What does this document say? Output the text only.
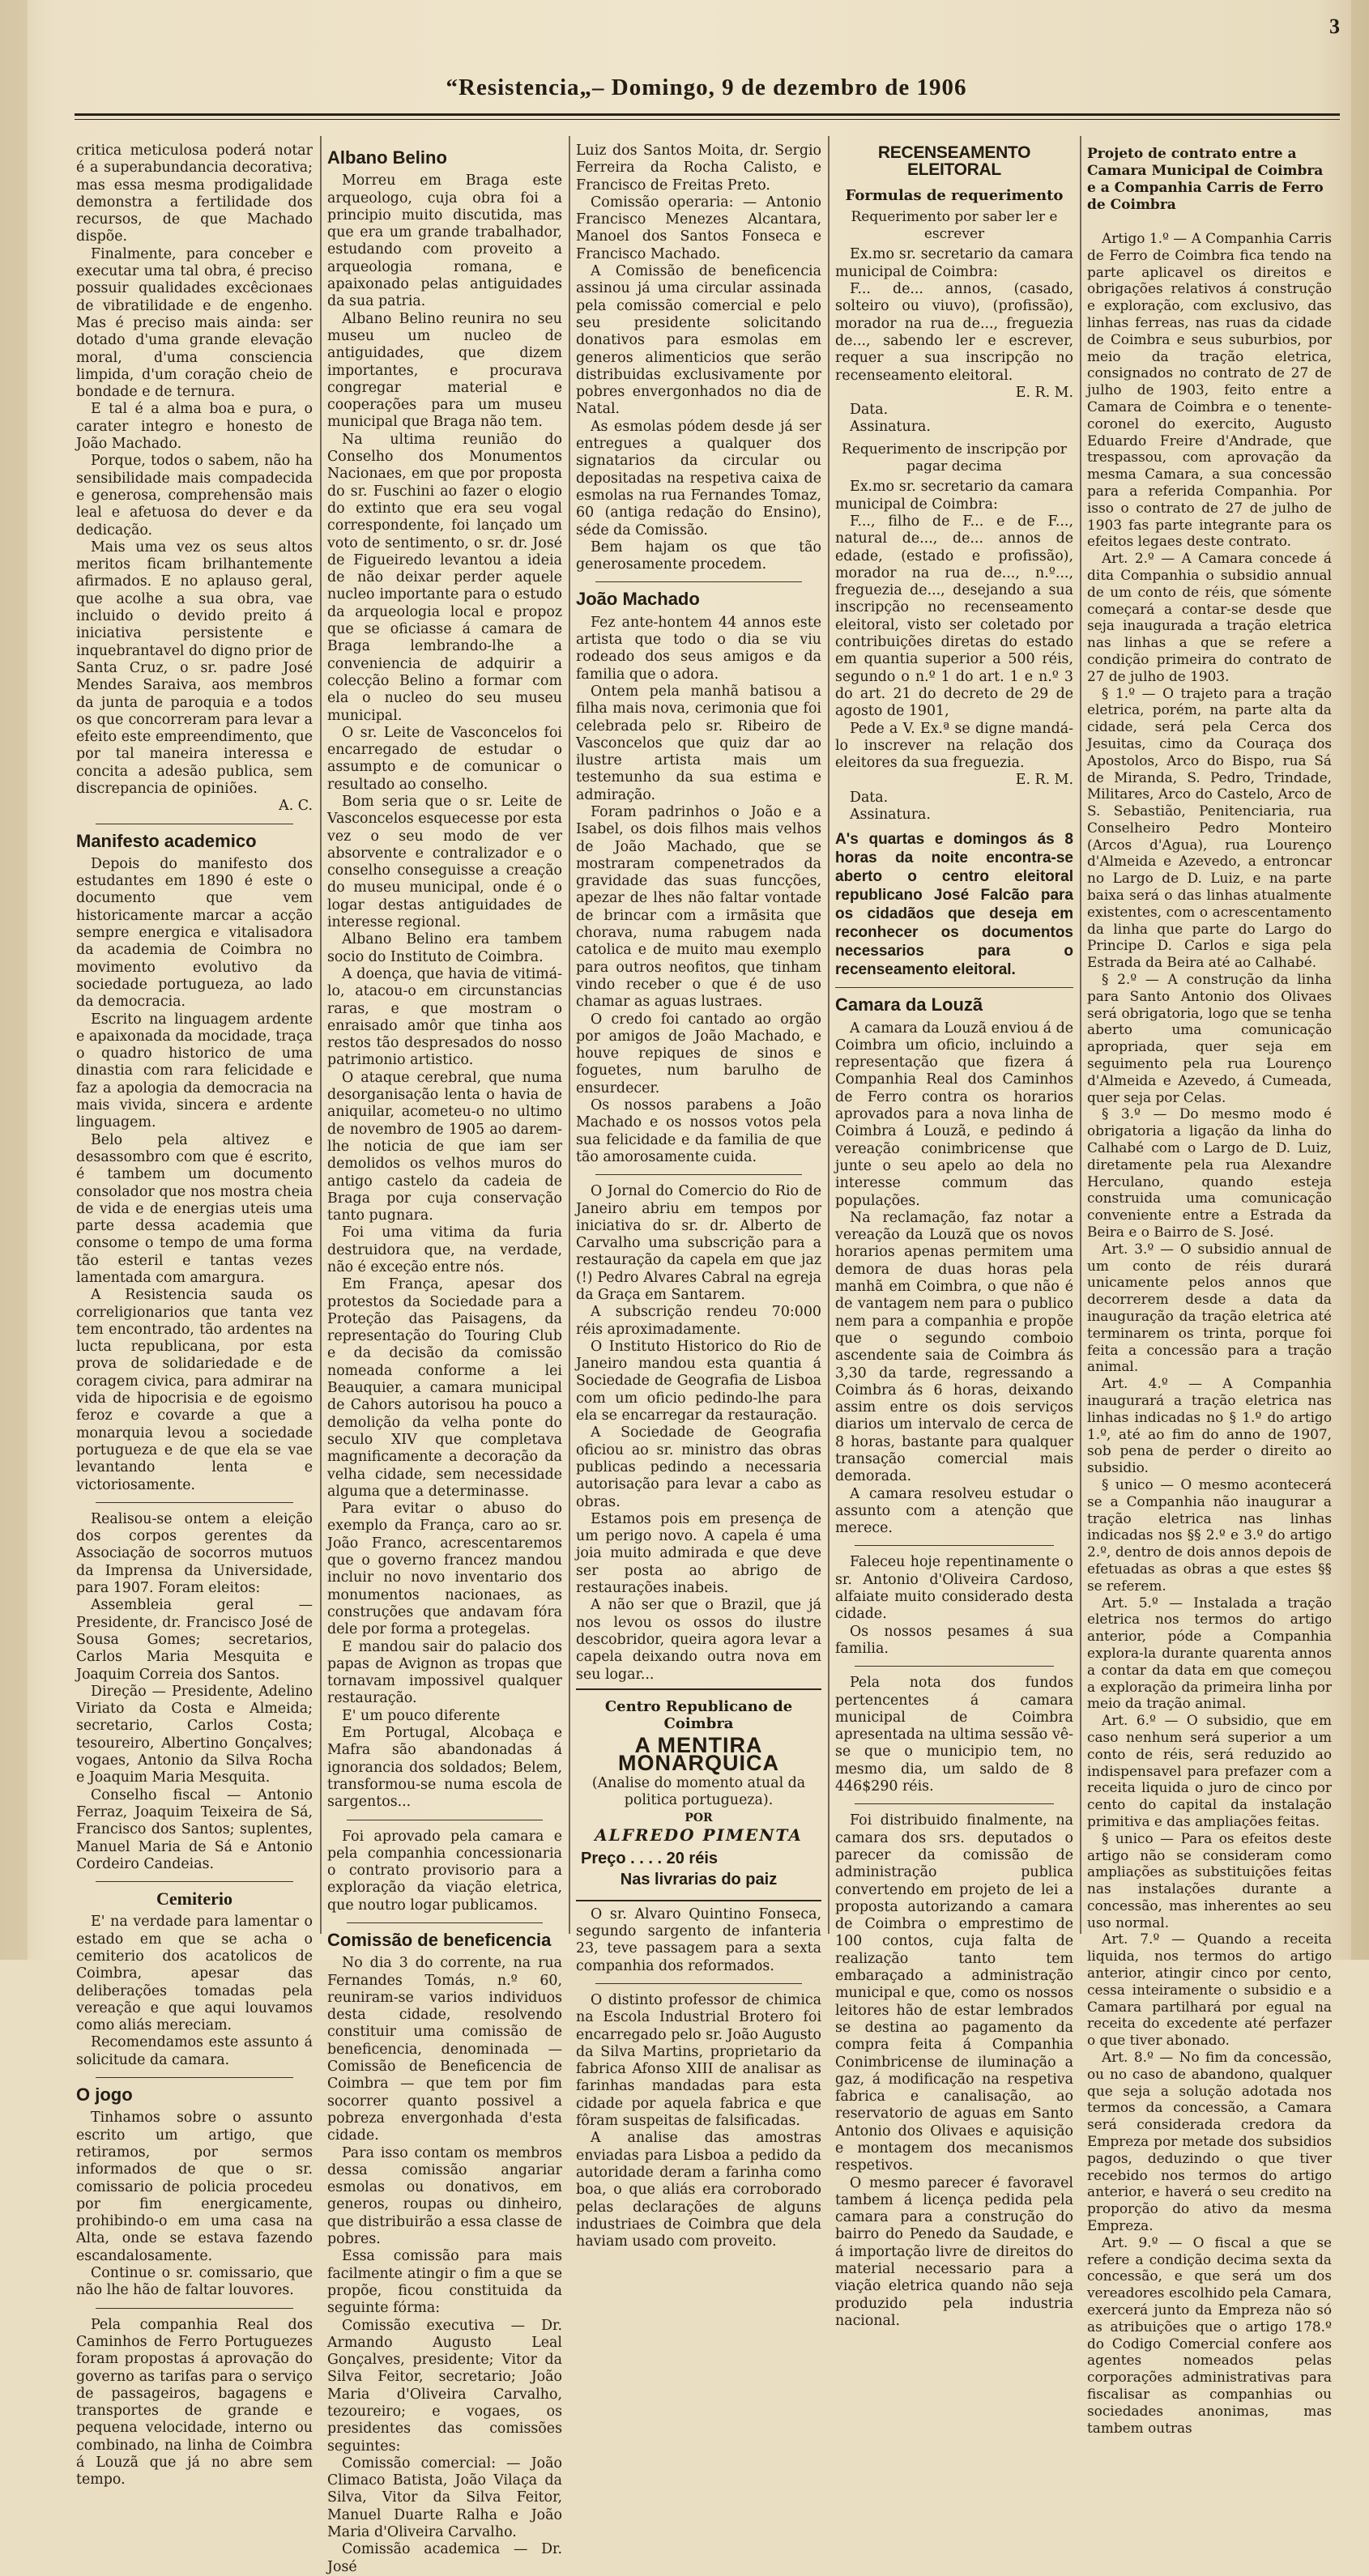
3
“Resistencia„– Domingo, 9 de dezembro de 1906

critica meticulosa poderá notar é a superabundancia decorativa; mas essa mesma prodigalidade demonstra a fertilidade dos recursos, de que Machado dispõe.

Finalmente, para conceber e executar uma tal obra, é preciso possuir qualidades excêcionaes de vibratilidade e de engenho. Mas é preciso mais ainda: ser dotado d'uma grande elevação moral, d'uma consciencia limpida, d'um coração cheio de bondade e de ternura.

E tal é a alma boa e pura, o carater integro e honesto de João Machado.

Porque, todos o sabem, não ha sensibilidade mais compadecida e generosa, comprehensão mais leal e afetuosa do dever e da dedicação.

Mais uma vez os seus altos meritos ficam brilhantemente afirmados. E no aplauso geral, que acolhe a sua obra, vae incluido o devido preito á iniciativa persistente e inquebrantavel do digno prior de Santa Cruz, o sr. padre José Mendes Saraiva, aos membros da junta de paroquia e a todos os que concorreram para levar a efeito este empreendimento, que por tal maneira interessa e concita a adesão publica, sem discrepancia de opiniões.

A. C.

Manifesto academico

Depois do manifesto dos estudantes em 1890 é este o documento que vem historicamente marcar a acção sempre energica e vitalisadora da academia de Coimbra no movimento evolutivo da sociedade portugueza, ao lado da democracia.

Escrito na linguagem ardente e apaixonada da mocidade, traça o quadro historico de uma dinastia com rara felicidade e faz a apologia da democracia na mais vivida, sincera e ardente linguagem.

Belo pela altivez e desassombro com que é escrito, é tambem um documento consolador que nos mostra cheia de vida e de energias uteis uma parte dessa academia que consome o tempo de uma forma tão esteril e tantas vezes lamentada com amargura.

A Resistencia sauda os correligionarios que tanta vez tem encontrado, tão ardentes na lucta republicana, por esta prova de solidariedade e de coragem civica, para admirar na vida de hipocrisia e de egoismo feroz e covarde a que a monarquia levou a sociedade portugueza e de que ela se vae levantando lenta e victoriosamente.

Realisou-se ontem a eleição dos corpos gerentes da Associação de socorros mutuos da Imprensa da Universidade, para 1907. Foram eleitos:

Assembleia geral — Presidente, dr. Francisco José de Sousa Gomes; secretarios, Carlos Maria Mesquita e Joaquim Correia dos Santos.

Direção — Presidente, Adelino Viriato da Costa e Almeida; secretario, Carlos Costa; tesoureiro, Albertino Gonçalves; vogaes, Antonio da Silva Rocha e Joaquim Maria Mesquita.

Conselho fiscal — Antonio Ferraz, Joaquim Teixeira de Sá, Francisco dos Santos; suplentes, Manuel Maria de Sá e Antonio Cordeiro Candeias.

Cemiterio

E' na verdade para lamentar o estado em que se acha o cemiterio dos acatolicos de Coimbra, apesar das deliberações tomadas pela vereação e que aqui louvamos como aliás mereciam.

Recomendamos este assunto á solicitude da camara.

O jogo

Tinhamos sobre o assunto escrito um artigo, que retiramos, por sermos informados de que o sr. comissario de policia procedeu por fim energicamente, prohibindo-o em uma casa na Alta, onde se estava fazendo escandalosamente.

Continue o sr. comissario, que não lhe hão de faltar louvores.

Pela companhia Real dos Caminhos de Ferro Portuguezes foram propostas á aprovação do governo as tarifas para o serviço de passageiros, bagagens e transportes de grande e pequena velocidade, interno ou combinado, na linha de Coimbra á Louzã que já no abre sem tempo.

Albano Belino

Morreu em Braga este arqueologo, cuja obra foi a principio muito discutida, mas que era um grande trabalhador, estudando com proveito a arqueologia romana, e apaixonado pelas antiguidades da sua patria.

Albano Belino reunira no seu museu um nucleo de antiguidades, que dizem importantes, e procurava congregar material e cooperações para um museu municipal que Braga não tem.

Na ultima reunião do Conselho dos Monumentos Nacionaes, em que por proposta do sr. Fuschini ao fazer o elogio do extinto que era seu vogal correspondente, foi lançado um voto de sentimento, o sr. dr. José de Figueiredo levantou a ideia de não deixar perder aquele nucleo importante para o estudo da arqueologia local e propoz que se oficiasse á camara de Braga lembrando-lhe a conveniencia de adquirir a colecção Belino a formar com ela o nucleo do seu museu municipal.

O sr. Leite de Vasconcelos foi encarregado de estudar o assumpto e de comunicar o resultado ao conselho.

Bom seria que o sr. Leite de Vasconcelos esquecesse por esta vez o seu modo de ver absorvente e contralizador e o conselho conseguisse a creação do museu municipal, onde é o logar destas antiguidades de interesse regional.

Albano Belino era tambem socio do Instituto de Coimbra.

A doença, que havia de vitimá-lo, atacou-o em circunstancias raras, e que mostram o enraisado amôr que tinha aos restos tão despresados do nosso patrimonio artistico.

O ataque cerebral, que numa desorganisação lenta o havia de aniquilar, acometeu-o no ultimo de novembro de 1905 ao darem-lhe noticia de que iam ser demolidos os velhos muros do antigo castelo da cadeia de Braga por cuja conservação tanto pugnara.

Foi uma vitima da furia destruidora que, na verdade, não é exceção entre nós.

Em França, apesar dos protestos da Sociedade para a Proteção das Paisagens, da representação do Touring Club e da decisão da comissão nomeada conforme a lei Beauquier, a camara municipal de Cahors autorisou ha pouco a demolição da velha ponte do seculo XIV que completava magnificamente a decoração da velha cidade, sem necessidade alguma que a determinasse.

Para evitar o abuso do exemplo da França, caro ao sr. João Franco, acrescentaremos que o governo francez mandou incluir no novo inventario dos monumentos nacionaes, as construções que andavam fóra dele por forma a protegelas.

E mandou sair do palacio dos papas de Avignon as tropas que tornavam impossivel qualquer restauração.

E' um pouco diferente

Em Portugal, Alcobaça e Mafra são abandonadas á ignorancia dos soldados; Belem, transformou-se numa escola de sargentos...

Foi aprovado pela camara e pela companhia concessionaria o contrato provisorio para a exploração da viação eletrica, que noutro logar publicamos.

Comissão de beneficencia

No dia 3 do corrente, na rua Fernandes Tomás, n.º 60, reuniram-se varios individuos desta cidade, resolvendo constituir uma comissão de beneficencia, denominada — Comissão de Beneficencia de Coimbra — que tem por fim socorrer quanto possivel a pobreza envergonhada d'esta cidade.

Para isso contam os membros dessa comissão angariar esmolas ou donativos, em generos, roupas ou dinheiro, que distribuirão a essa classe de pobres.

Essa comissão para mais facilmente atingir o fim a que se propõe, ficou constituida da seguinte fórma:

Comissão executiva — Dr. Armando Augusto Leal Gonçalves, presidente; Vitor da Silva Feitor, secretario; João Maria d'Oliveira Carvalho, tezoureiro; e vogaes, os presidentes das comissões seguintes:

Comissão comercial: — João Climaco Batista, João Vilaça da Silva, Vitor da Silva Feitor, Manuel Duarte Ralha e João Maria d'Oliveira Carvalho.

Comissão academica — Dr. José

Luiz dos Santos Moita, dr. Sergio Ferreira da Rocha Calisto, e Francisco de Freitas Preto.

Comissão operaria: — Antonio Francisco Menezes Alcantara, Manoel dos Santos Fonseca e Francisco Machado.

A Comissão de beneficencia assinou já uma circular assinada pela comissão comercial e pelo seu presidente solicitando donativos para esmolas em generos alimenticios que serão distribuidas exclusivamente por pobres envergonhados no dia de Natal.

As esmolas pódem desde já ser entregues a qualquer dos signatarios da circular ou depositadas na respetiva caixa de esmolas na rua Fernandes Tomaz, 60 (antiga redação do Ensino), séde da Comissão.

Bem hajam os que tão generosamente procedem.

João Machado

Fez ante-hontem 44 annos este artista que todo o dia se viu rodeado dos seus amigos e da familia que o adora.

Ontem pela manhã batisou a filha mais nova, cerimonia que foi celebrada pelo sr. Ribeiro de Vasconcelos que quiz dar ao ilustre artista mais um testemunho da sua estima e admiração.

Foram padrinhos o João e a Isabel, os dois filhos mais velhos de João Machado, que se mostraram compenetrados da gravidade das suas funcções, apezar de lhes não faltar vontade de brincar com a irmãsita que chorava, numa rabugem nada catolica e de muito mau exemplo para outros neofitos, que tinham vindo receber o que é de uso chamar as aguas lustraes.

O credo foi cantado ao orgão por amigos de João Machado, e houve repiques de sinos e foguetes, num barulho de ensurdecer.

Os nossos parabens a João Machado e os nossos votos pela sua felicidade e da familia de que tão amorosamente cuida.

O Jornal do Comercio do Rio de Janeiro abriu em tempos por iniciativa do sr. dr. Alberto de Carvalho uma subscrição para a restauração da capela em que jaz (!) Pedro Alvares Cabral na egreja da Graça em Santarem.

A subscrição rendeu 70:000 réis aproximadamente.

O Instituto Historico do Rio de Janeiro mandou esta quantia á Sociedade de Geografia de Lisboa com um oficio pedindo-lhe para ela se encarregar da restauração.

A Sociedade de Geografia oficiou ao sr. ministro das obras publicas pedindo a necessaria autorisação para levar a cabo as obras.

Estamos pois em presença de um perigo novo. A capela é uma joia muito admirada e que deve ser posta ao abrigo de restaurações inabeis.

A não ser que o Brazil, que já nos levou os ossos do ilustre descobridor, queira agora levar a capela deixando outra nova em seu logar...

Centro Republicano de Coimbra
A MENTIRA MONARQUICA

(Analise do momento atual da politica portugueza).

POR

ALFREDO PIMENTA
Preço . . . . 20 réis
Nas livrarias do paiz

O sr. Alvaro Quintino Fonseca, segundo sargento de infanteria 23, teve passagem para a sexta companhia dos reformados.

O distinto professor de chimica na Escola Industrial Brotero foi encarregado pelo sr. João Augusto da Silva Martins, proprietario da fabrica Afonso XIII de analisar as farinhas mandadas para esta cidade por aquela fabrica e que fôram suspeitas de falsificadas.

A analise das amostras enviadas para Lisboa a pedido da autoridade deram a farinha como boa, o que aliás era corroborado pelas declarações de alguns industriaes de Coimbra que dela haviam usado com proveito.

RECENSEAMENTO ELEITORAL
Formulas de requerimento
Requerimento por saber ler e escrever

Ex.mo sr. secretario da camara municipal de Coimbra:

F... de... annos, (casado, solteiro ou viuvo), (profissão), morador na rua de..., freguezia de..., sabendo ler e escrever, requer a sua inscripção no recenseamento eleitoral.

E. R. M.

Data.

Assinatura.

Requerimento de inscripção por pagar decima

Ex.mo sr. secretario da camara municipal de Coimbra:

F..., filho de F... e de F..., natural de..., de... annos de edade, (estado e profissão), morador na rua de..., n.º..., freguezia de..., desejando a sua inscripção no recenseamento eleitoral, visto ser coletado por contribuições diretas do estado em quantia superior a 500 réis, segundo o n.º 1 do art. 1 e n.º 3 do art. 21 do decreto de 29 de agosto de 1901,

Pede a V. Ex.ª se digne mandá-lo inscrever na relação dos eleitores da sua freguezia.

E. R. M.

Data.

Assinatura.

A's quartas e domingos ás 8 horas da noite encontra-se aberto o centro eleitoral republicano José Falcão para os cidadãos que deseja em reconhecer os documentos necessarios para o recenseamento eleitoral.
Camara da Louzã

A camara da Louzã enviou á de Coimbra um oficio, incluindo a representação que fizera á Companhia Real dos Caminhos de Ferro contra os horarios aprovados para a nova linha de Coimbra á Louzã, e pedindo á vereação conimbricense que junte o seu apelo ao dela no interesse commum das populações.

Na reclamação, faz notar a vereação da Louzã que os novos horarios apenas permitem uma demora de duas horas pela manhã em Coimbra, o que não é de vantagem nem para o publico nem para a companhia e propõe que o segundo comboio ascendente saia de Coimbra ás 3,30 da tarde, regressando a Coimbra ás 6 horas, deixando assim entre os dois serviços diarios um intervalo de cerca de 8 horas, bastante para qualquer transação comercial mais demorada.

A camara resolveu estudar o assunto com a atenção que merece.

Faleceu hoje repentinamente o sr. Antonio d'Oliveira Cardoso, alfaiate muito considerado desta cidade.

Os nossos pesames á sua familia.

Pela nota dos fundos pertencentes á camara municipal de Coimbra apresentada na ultima sessão vê-se que o municipio tem, no mesmo dia, um saldo de 8 446$290 réis.

Foi distribuido finalmente, na camara dos srs. deputados o parecer da comissão de administração publica convertendo em projeto de lei a proposta autorizando a camara de Coimbra o emprestimo de 100 contos, cuja falta de realização tanto tem embaraçado a administração municipal e que, como os nossos leitores hão de estar lembrados se destina ao pagamento da compra feita á Companhia Conimbricense de iluminação a gaz, á modificação na respetiva fabrica e canalisação, ao reservatorio de aguas em Santo Antonio dos Olivaes e aquisição e montagem dos mecanismos respetivos.

O mesmo parecer é favoravel tambem á licença pedida pela camara para a construção do bairro do Penedo da Saudade, e á importação livre de direitos do material necessario para a viação eletrica quando não seja produzido pela industria nacional.

Projeto de contrato entre a Camara Municipal de Coimbra e a Companhia Carris de Ferro de Coimbra

Artigo 1.º — A Companhia Carris de Ferro de Coimbra fica tendo na parte aplicavel os direitos e obrigações relativos á construção e exploração, com exclusivo, das linhas ferreas, nas ruas da cidade de Coimbra e seus suburbios, por meio da tração eletrica, consignados no contrato de 27 de julho de 1903, feito entre a Camara de Coimbra e o tenente-coronel do exercito, Augusto Eduardo Freire d'Andrade, que trespassou, com aprovação da mesma Camara, a sua concessão para a referida Companhia. Por isso o contrato de 27 de julho de 1903 fas parte integrante para os efeitos legaes deste contrato.

Art. 2.º — A Camara concede á dita Companhia o subsidio annual de um conto de réis, que sómente começará a contar-se desde que seja inaugurada a tração eletrica nas linhas a que se refere a condição primeira do contrato de 27 de julho de 1903.

§ 1.º — O trajeto para a tração eletrica, porém, na parte alta da cidade, será pela Cerca dos Jesuitas, cimo da Couraça dos Apostolos, Arco do Bispo, rua Sá de Miranda, S. Pedro, Trindade, Militares, Arco do Castelo, Arco de S. Sebastião, Penitenciaria, rua Conselheiro Pedro Monteiro (Arcos d'Agua), rua Lourenço d'Almeida e Azevedo, a entroncar no Largo de D. Luiz, e na parte baixa será o das linhas atualmente existentes, com o acrescentamento da linha que parte do Largo do Principe D. Carlos e siga pela Estrada da Beira até ao Calhabé.

§ 2.º — A construção da linha para Santo Antonio dos Olivaes será obrigatoria, logo que se tenha aberto uma comunicação apropriada, quer seja em seguimento pela rua Lourenço d'Almeida e Azevedo, á Cumeada, quer seja por Celas.

§ 3.º — Do mesmo modo é obrigatoria a ligação da linha do Calhabé com o Largo de D. Luiz, diretamente pela rua Alexandre Herculano, quando esteja construida uma comunicação conveniente entre a Estrada da Beira e o Bairro de S. José.

Art. 3.º — O subsidio annual de um conto de réis durará unicamente pelos annos que decorrerem desde a data da inauguração da tração eletrica até terminarem os trinta, porque foi feita a concessão para a tração animal.

Art. 4.º — A Companhia inaugurará a tração eletrica nas linhas indicadas no § 1.º do artigo 1.º, até ao fim do anno de 1907, sob pena de perder o direito ao subsidio.

§ unico — O mesmo acontecerá se a Companhia não inaugurar a tração eletrica nas linhas indicadas nos §§ 2.º e 3.º do artigo 2.º, dentro de dois annos depois de efetuadas as obras a que estes §§ se referem.

Art. 5.º — Instalada a tração eletrica nos termos do artigo anterior, póde a Companhia explora-la durante quarenta annos a contar da data em que começou a exploração da primeira linha por meio da tração animal.

Art. 6.º — O subsidio, que em caso nenhum será superior a um conto de réis, será reduzido ao indispensavel para prefazer com a receita liquida o juro de cinco por cento do capital da instalação primitiva e das ampliações feitas.

§ unico — Para os efeitos deste artigo não se consideram como ampliações as substituições feitas nas instalações durante a concessão, mas inherentes ao seu uso normal.

Art. 7.º — Quando a receita liquida, nos termos do artigo anterior, atingir cinco por cento, cessa inteiramente o subsidio e a Camara partilhará por egual na receita do excedente até perfazer o que tiver abonado.

Art. 8.º — No fim da concessão, ou no caso de abandono, qualquer que seja a solução adotada nos termos da concessão, a Camara será considerada credora da Empreza por metade dos subsidios pagos, deduzindo o que tiver recebido nos termos do artigo anterior, e haverá o seu credito na proporção do ativo da mesma Empreza.

Art. 9.º — O fiscal a que se refere a condição decima sexta da concessão, e que será um dos vereadores escolhido pela Camara, exercerá junto da Empreza não só as atribuições que o artigo 178.º do Codigo Comercial confere aos agentes nomeados pelas corporações administrativas para fiscalisar as companhias ou sociedades anonimas, mas tambem outras
